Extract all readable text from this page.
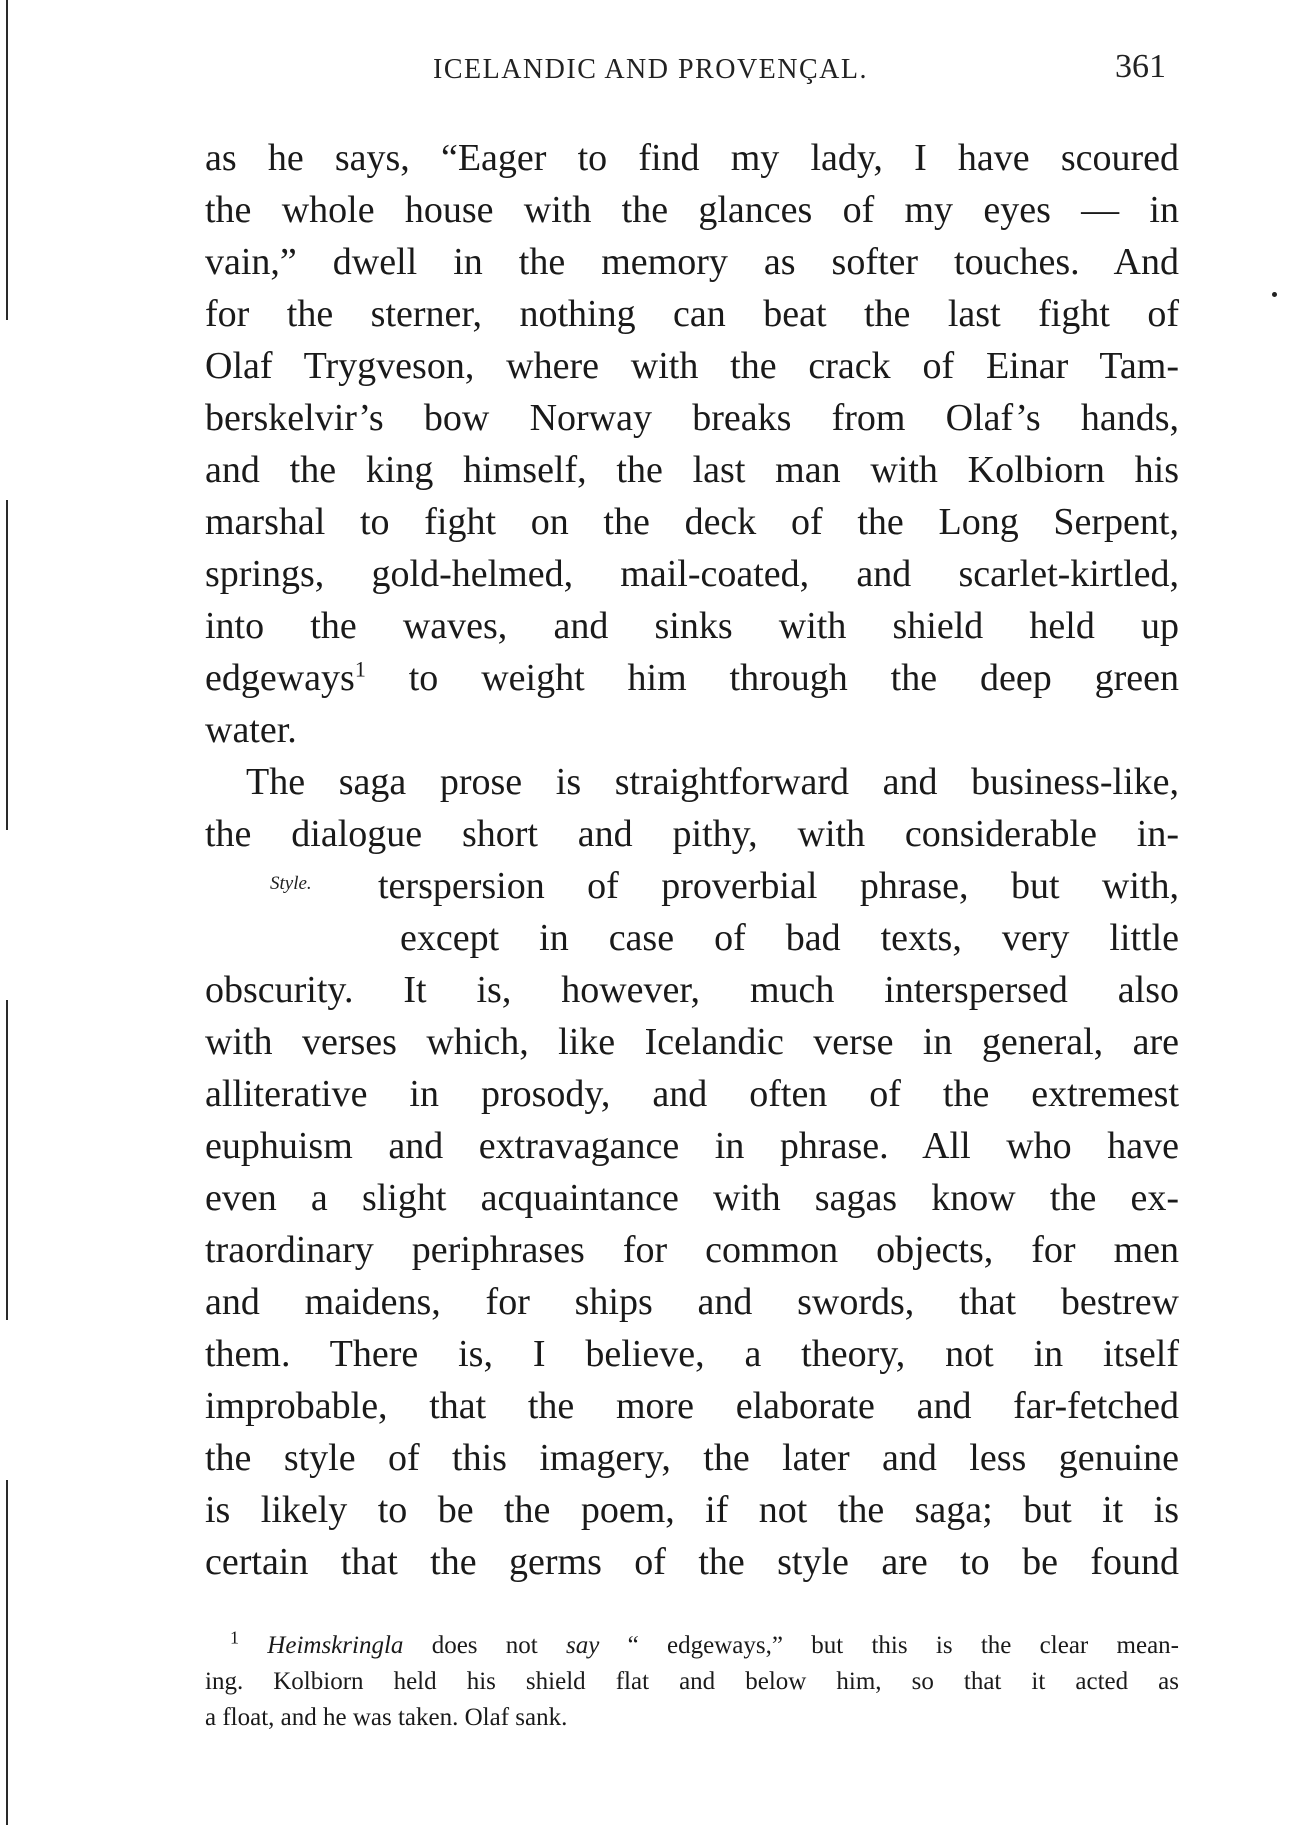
ICELANDIC AND PROVENÇAL.	361
as he says, “Eager to find my lady, I have scoured
the whole house with the glances of my eyes — in
vain,” dwell in the memory as softer touches. And
for the sterner, nothing can beat the last fight of
Olaf Trygveson, where with the crack of Einar Tam-
berskelvir’s bow Norway breaks from Olaf’s hands,
and the king himself, the last man with Kolbiorn his
marshal to fight on the deck of the Long Serpent,
springs, gold-helmed, mail-coated, and scarlet-kirtled,
into the waves, and sinks with shield held up
edgeways$^1$ to weight him through the deep green
water.
The saga prose is straightforward and business-like,
the dialogue short and pithy, with considerable in-
terspersion of proverbial phrase, but with,
Style.
except in case of bad texts, very little
obscurity. It is, however, much interspersed also
with verses which, like Icelandic verse in general, are
alliterative in prosody, and often of the extremest
euphuism and extravagance in phrase. All who have
even a slight acquaintance with sagas know the ex-
traordinary periphrases for common objects, for men
and maidens, for ships and swords, that bestrew
them. There is, I believe, a theory, not in itself
improbable, that the more elaborate and far-fetched
the style of this imagery, the later and less genuine
is likely to be the poem, if not the saga; but it is
certain that the germs of the style are to be found
$^1$ Heimskringla does not say “ edgeways,” but this is the clear mean-
ing. Kolbiorn held his shield flat and below him, so that it acted as
a float, and he was taken. Olaf sank.
